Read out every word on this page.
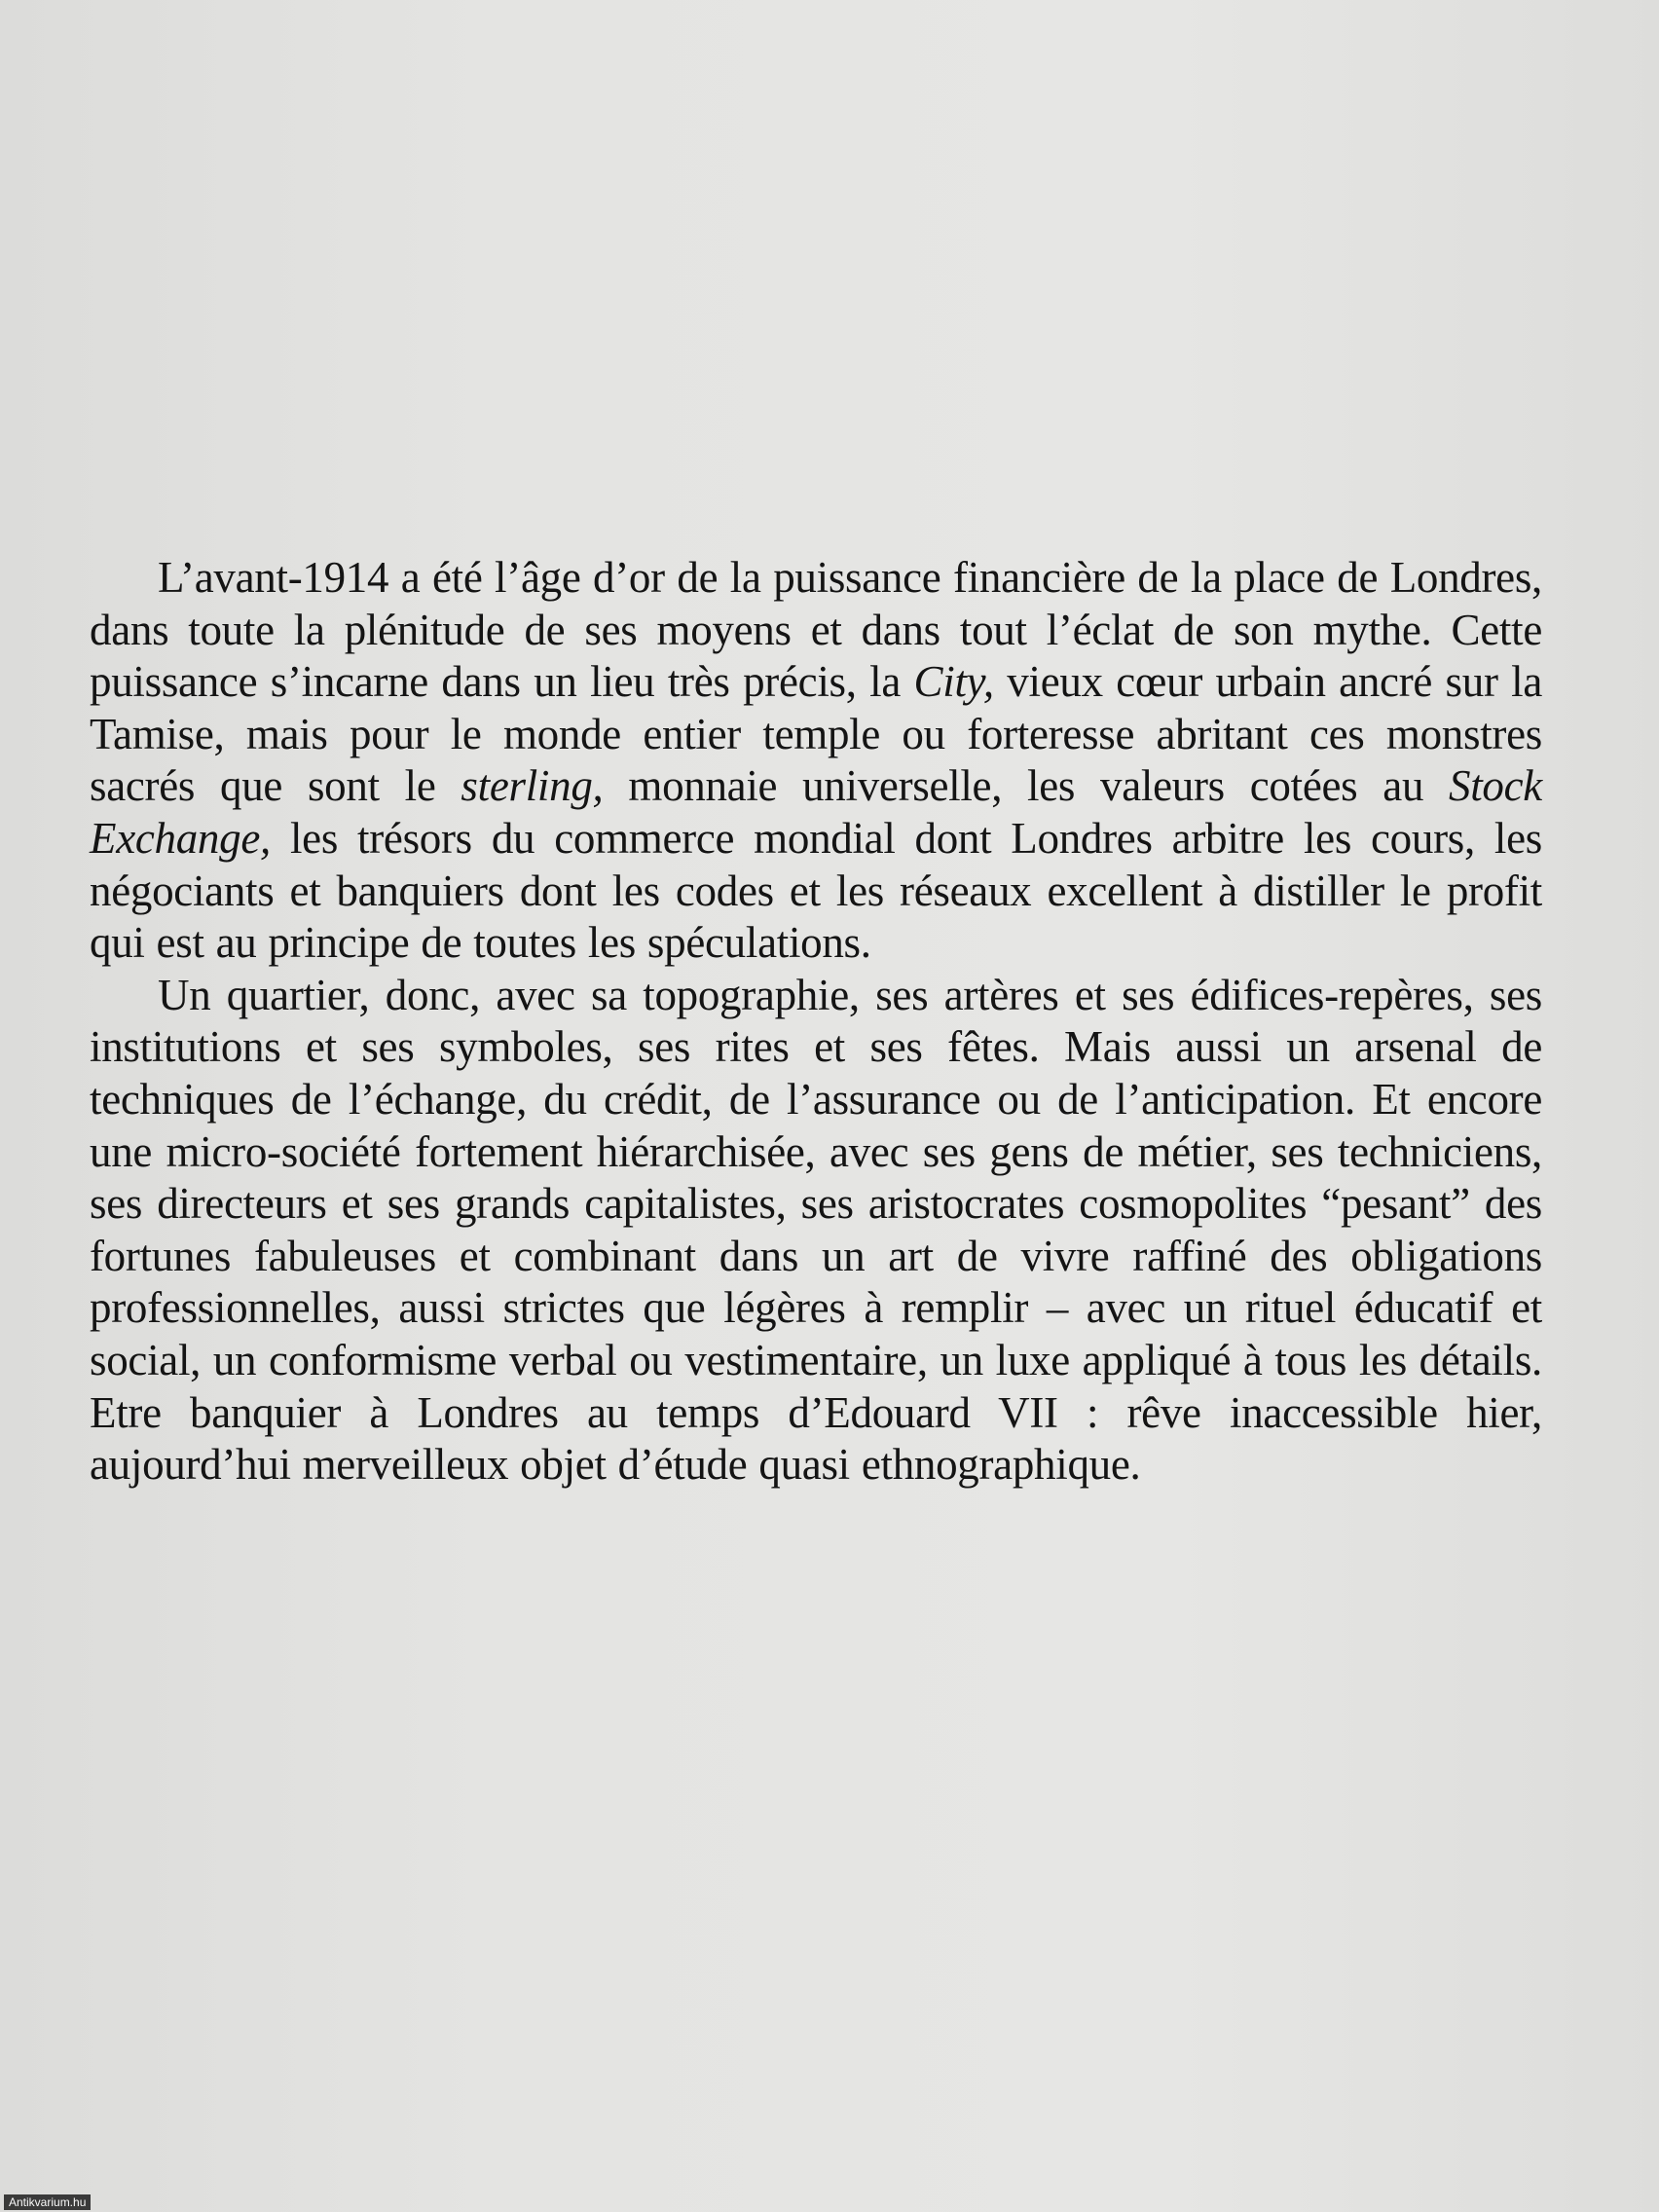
L’avant-1914 a été l’âge d’or de la puissance financière de la place de Londres, dans toute la plénitude de ses moyens et dans tout l’éclat de son mythe. Cette puissance s’incarne dans un lieu très précis, la City, vieux cœur urbain ancré sur la Tamise, mais pour le monde entier temple ou forteresse abritant ces monstres sacrés que sont le sterling, monnaie universelle, les valeurs cotées au Stock Exchange, les trésors du commerce mondial dont Londres arbitre les cours, les négociants et banquiers dont les codes et les réseaux excellent à distiller le profit qui est au principe de toutes les spéculations.

Un quartier, donc, avec sa topographie, ses artères et ses édifices-repères, ses institutions et ses symboles, ses rites et ses fêtes. Mais aussi un arsenal de techniques de l’échange, du crédit, de l’assurance ou de l’anticipation. Et encore une micro-société fortement hiérarchisée, avec ses gens de métier, ses techniciens, ses directeurs et ses grands capitalistes, ses aristocrates cosmopolites “pesant” des fortunes fabuleuses et combinant dans un art de vivre raffiné des obligations professionnelles, aussi strictes que légères à remplir – avec un rituel éducatif et social, un conformisme verbal ou vestimentaire, un luxe appliqué à tous les détails. Etre banquier à Londres au temps d’Edouard VII : rêve inaccessible hier, aujourd’hui merveilleux objet d’étude quasi ethnographique.

Antikvarium.hu
